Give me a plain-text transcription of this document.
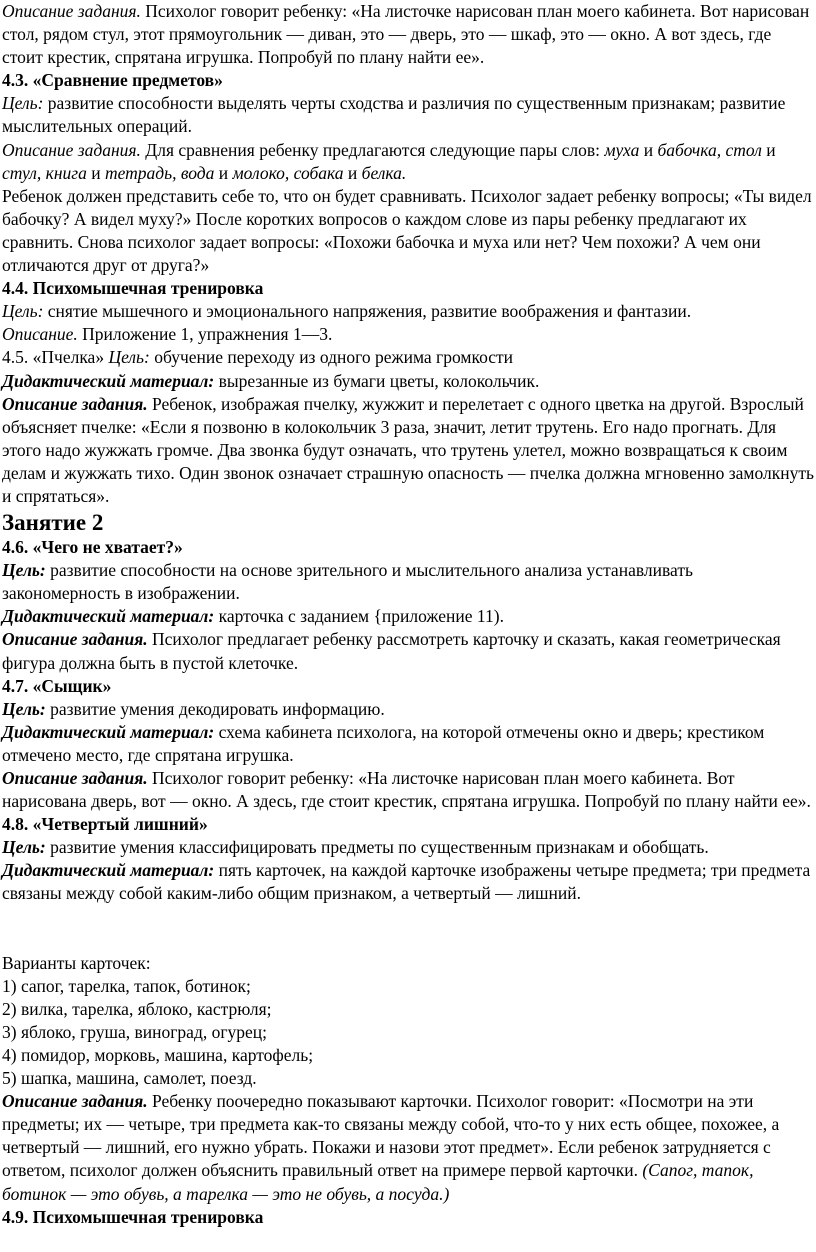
Описание задания. Психолог говорит ребенку: «На листочке нарисован план моего кабинета. Вот нарисован стол, рядом стул, этот прямоугольник — диван, это — дверь, это — шкаф, это — окно. А вот здесь, где стоит крестик, спрятана игрушка. Попробуй по плану найти ее».

4.3. «Сравнение предметов»

Цель: развитие способности выделять черты сходства и различия по существенным признакам; развитие мыслительных операций.

Описание задания. Для сравнения ребенку предлагаются следующие пары слов: муха и бабочка, стол и стул, книга и тетрадь, вода и молоко, собака и белка.

Ребенок должен представить себе то, что он будет сравнивать. Психолог задает ребенку вопросы; «Ты видел бабочку? А видел муху?» После коротких вопросов о каждом слове из пары ребенку предлагают их сравнить. Снова психолог задает вопросы: «Похожи бабочка и муха или нет? Чем похожи? А чем они отличаются друг от друга?»

4.4. Психомышечная тренировка

Цель: снятие мышечного и эмоционального напряжения, развитие воображения и фантазии.

Описание. Приложение 1, упражнения 1—3.

4.5. «Пчелка» Цель: обучение переходу из одного режима громкости

Дидактический материал: вырезанные из бумаги цветы, колокольчик.

Описание задания. Ребенок, изображая пчелку, жужжит и перелетает с одного цветка на другой. Взрослый объясняет пчелке: «Если я позвоню в колокольчик 3 раза, значит, летит трутень. Его надо прогнать. Для этого надо жужжать громче. Два звонка будут означать, что трутень улетел, можно возвращаться к своим делам и жужжать тихо. Один звонок означает страшную опасность — пчелка должна мгновенно замолкнуть и спрятаться».

Занятие 2

4.6. «Чего не хватает?»

Цель: развитие способности на основе зрительного и мыслительного анализа устанавливать закономерность в изображении.

Дидактический материал: карточка с заданием {приложение 11).

Описание задания. Психолог предлагает ребенку рассмотреть карточку и сказать, какая геометрическая фигура должна быть в пустой клеточке.

4.7. «Сыщик»

Цель: развитие умения декодировать информацию.

Дидактический материал: схема кабинета психолога, на которой отмечены окно и дверь; крестиком отмечено место, где спрятана игрушка.

Описание задания. Психолог говорит ребенку: «На листочке нарисован план моего кабинета. Вот нарисована дверь, вот — окно. А здесь, где стоит крестик, спрятана игрушка. Попробуй по плану найти ее».

4.8. «Четвертый лишний»

Цель: развитие умения классифицировать предметы по существенным признакам и обобщать.

Дидактический материал: пять карточек, на каждой карточке изображены четыре предмета; три предмета связаны между собой каким-либо общим признаком, а четвертый — лишний.

Варианты карточек:

1) сапог, тарелка, тапок, ботинок;

2) вилка, тарелка, яблоко, кастрюля;

3) яблоко, груша, виноград, огурец;

4) помидор, морковь, машина, картофель;

5) шапка, машина, самолет, поезд.

Описание задания. Ребенку поочередно показывают карточки. Психолог говорит: «Посмотри на эти предметы; их — четыре, три предмета как-то связаны между собой, что-то у них есть общее, похожее, а четвертый — лишний, его нужно убрать. Покажи и назови этот предмет». Если ребенок затрудняется с ответом, психолог должен объяснить правильный ответ на примере первой карточки. (Сапог, тапок, ботинок — это обувь, а тарелка — это не обувь, а посуда.)

4.9. Психомышечная тренировка
